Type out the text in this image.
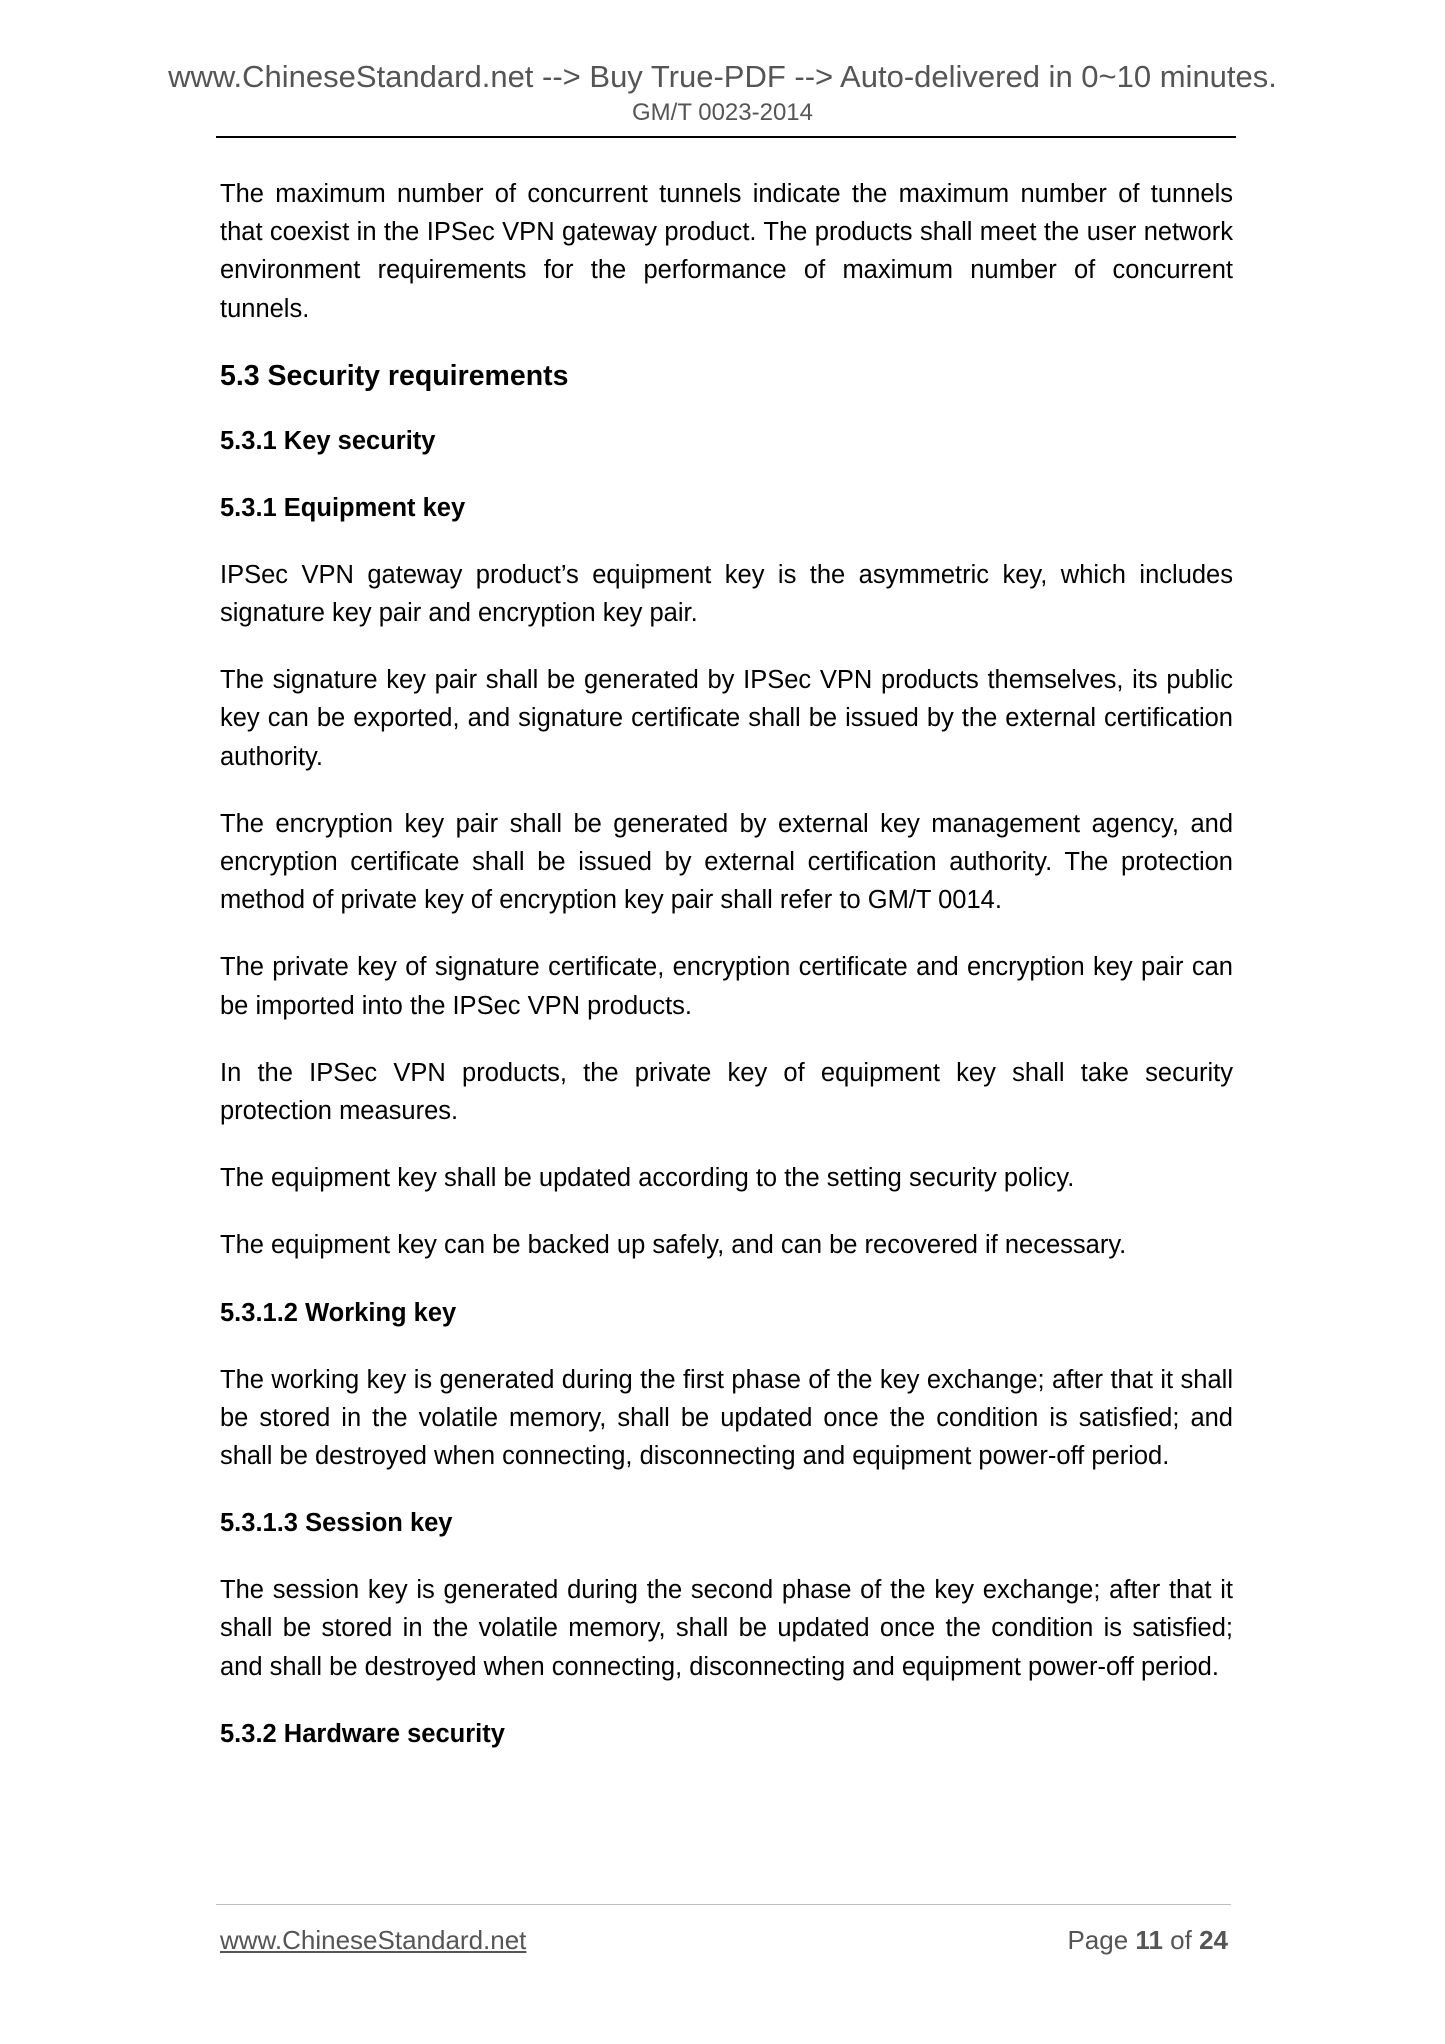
www.ChineseStandard.net --> Buy True-PDF --> Auto-delivered in 0~10 minutes.
GM/T 0023-2014

The maximum number of concurrent tunnels indicate the maximum number of tunnels that coexist in the IPSec VPN gateway product. The products shall meet the user network environment requirements for the performance of maximum number of concurrent tunnels.

5.3 Security requirements
5.3.1 Key security
5.3.1 Equipment key

IPSec VPN gateway product’s equipment key is the asymmetric key, which includes signature key pair and encryption key pair.

The signature key pair shall be generated by IPSec VPN products themselves, its public key can be exported, and signature certificate shall be issued by the external certification authority.

The encryption key pair shall be generated by external key management agency, and encryption certificate shall be issued by external certification authority. The protection method of private key of encryption key pair shall refer to GM/T 0014.

The private key of signature certificate, encryption certificate and encryption key pair can be imported into the IPSec VPN products.

In the IPSec VPN products, the private key of equipment key shall take security protection measures.

The equipment key shall be updated according to the setting security policy.

The equipment key can be backed up safely, and can be recovered if necessary.

5.3.1.2 Working key

The working key is generated during the first phase of the key exchange; after that it shall be stored in the volatile memory, shall be updated once the condition is satisfied; and shall be destroyed when connecting, disconnecting and equipment power-off period.

5.3.1.3 Session key

The session key is generated during the second phase of the key exchange; after that it shall be stored in the volatile memory, shall be updated once the condition is satisfied; and shall be destroyed when connecting, disconnecting and equipment power-off period.

5.3.2 Hardware security
www.ChineseStandard.net	Page 11 of 24
